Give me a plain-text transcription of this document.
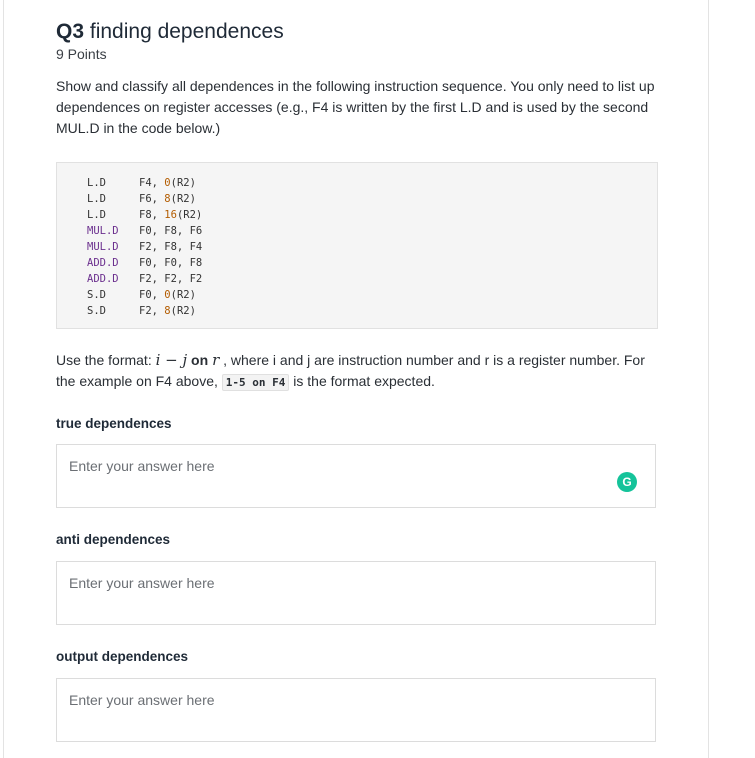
Q3 finding dependences
9 Points
Show and classify all dependences in the following instruction sequence. You only need to list up dependences on register accesses (e.g., F4 is written by the first L.D and is used by the second MUL.D in the code below.)
L.D	F4, 0(R2)
L.D	F6, 8(R2)
L.D	F8, 16(R2)
MUL.D F0, F8, F6
MUL.D F2, F8, F4
ADD.D F0, F0, F8
ADD.D F2, F2, F2
S.D	F0, 0(R2)
S.D	F2, 8(R2)
Use the format: i − j on r , where i and j are instruction number and r is a register number. For the example on F4 above, 1-5 on F4 is the format expected.
true dependences
Enter your answer here
G
anti dependences
Enter your answer here
output dependences
Enter your answer here
